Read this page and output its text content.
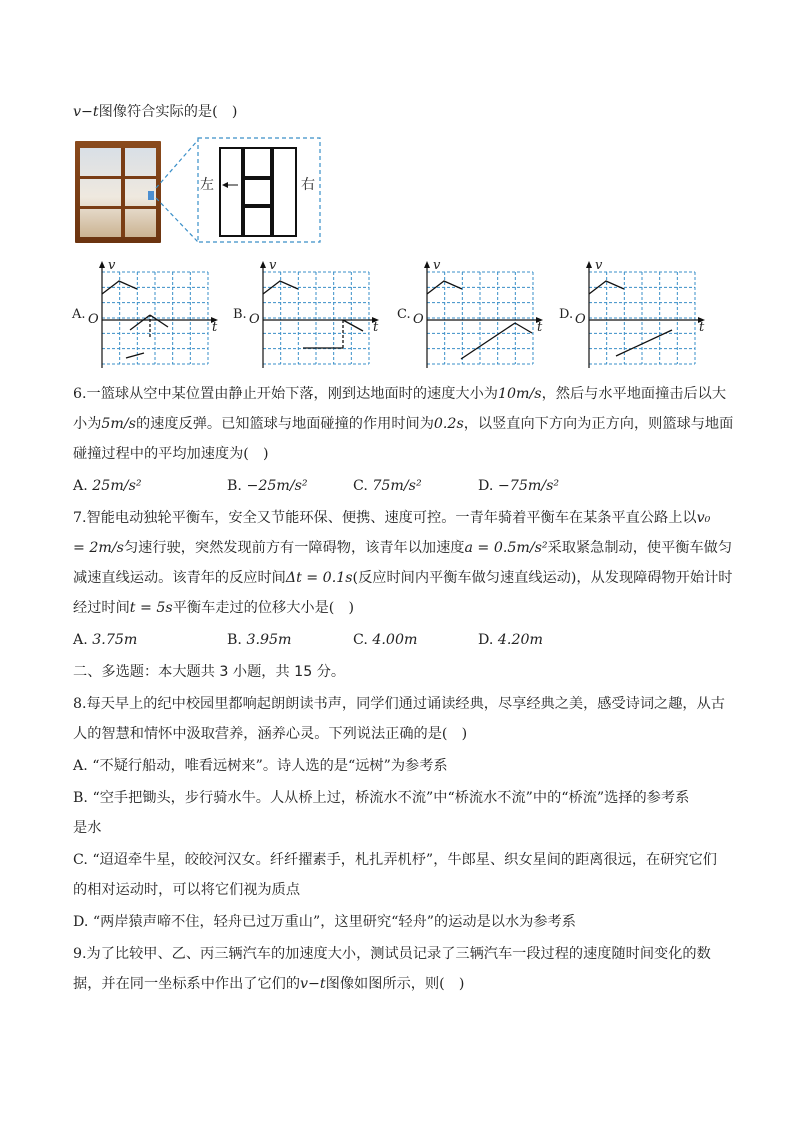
v−t图像符合实际的是(　)
左	右
A. O
v
t
B. O
v
t
C. O
v
t
D. O
v
t
6.一篮球从空中某位置由静止开始下落，刚到达地面时的速度大小为10m/s，然后与水平地面撞击后以大
小为5m/s的速度反弹。已知篮球与地面碰撞的作用时间为0.2s，以竖直向下方向为正方向，则篮球与地面
碰撞过程中的平均加速度为(　)
A. 25m/s²	B. −25m/s²	C. 75m/s²	D. −75m/s²
7.智能电动独轮平衡车，安全又节能环保、便携、速度可控。一青年骑着平衡车在某条平直公路上以v₀
= 2m/s匀速行驶，突然发现前方有一障碍物，该青年以加速度a = 0.5m/s²采取紧急制动，使平衡车做匀
减速直线运动。该青年的反应时间Δt = 0.1s(反应时间内平衡车做匀速直线运动)，从发现障碍物开始计时
经过时间t = 5s平衡车走过的位移大小是(　)
A. 3.75m	B. 3.95m	C. 4.00m	D. 4.20m
二、多选题：本大题共 3 小题，共 15 分。
8.每天早上的纪中校园里都响起朗朗读书声，同学们通过诵读经典，尽享经典之美，感受诗词之趣，从古
人的智慧和情怀中汲取营养，涵养心灵。下列说法正确的是(　)
A. “不疑行船动，唯看远树来”。诗人选的是“远树”为参考系
B. “空手把锄头，步行骑水牛。人从桥上过，桥流水不流”中“桥流水不流”中的“桥流”选择的参考系
是水
C. “迢迢牵牛星，皎皎河汉女。纤纤擢素手，札扎弄机杼”，牛郎星、织女星间的距离很远，在研究它们
的相对运动时，可以将它们视为质点
D. “两岸猿声啼不住，轻舟已过万重山”，这里研究“轻舟”的运动是以水为参考系
9.为了比较甲、乙、丙三辆汽车的加速度大小，测试员记录了三辆汽车一段过程的速度随时间变化的数
据，并在同一坐标系中作出了它们的v−t图像如图所示，则(　)
